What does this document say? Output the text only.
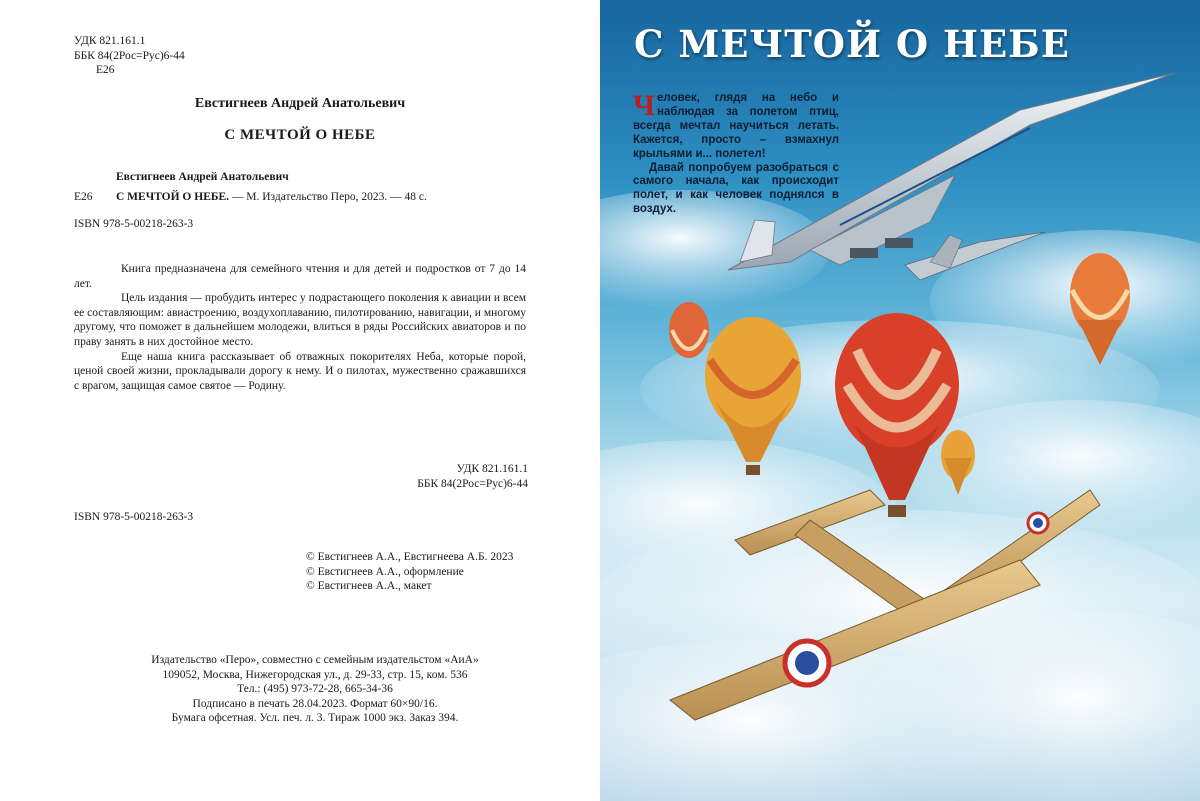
УДК 821.161.1
ББК 84(2Рос=Рус)6-44

Е26
Евстигнеев Андрей Анатольевич
С МЕЧТОЙ О НЕБЕ
Евстигнеев Андрей Анатольевич
Е26 С МЕЧТОЙ О НЕБЕ. — М. Издательство Перо, 2023. — 48 с.
ISBN 978-5-00218-263-3

Книга предназначена для семейного чтения и для детей и подростков от 7 до 14 лет.

Цель издания — пробудить интерес у подрастающего поколения к авиации и всем ее составляющим: авиастроению, воздухоплаванию, пилотированию, навигации, и многому другому, что поможет в дальнейшем молодежи, влиться в ряды Российских авиаторов и по праву занять в них достойное место.

Еще наша книга рассказывает об отважных покорителях Неба, которые порой, ценой своей жизни, прокладывали дорогу к нему. И о пилотах, мужественно сражавшихся с врагом, защищая самое святое — Родину.

УДК 821.161.1
ББК 84(2Рос=Рус)6-44
ISBN 978-5-00218-263-3
© Евстигнеев А.А., Евстигнеева А.Б. 2023
© Евстигнеев А.А., оформление
© Евстигнеев А.А., макет
Издательство «Перо», совместно с семейным издательстом «АиА»
109052, Москва, Нижегородская ул., д. 29-33, стр. 15, ком. 536
Тел.: (495) 973-72-28, 665-34-36
Подписано в печать 28.04.2023. Формат 60×90/16.
Бумага офсетная. Усл. печ. л. 3. Тираж 1000 экз. Заказ 394.
С МЕЧТОЙ О НЕБЕ

Человек, глядя на небо и наблюдая за полетом птиц, всегда мечтал научиться летать. Кажется, просто – взмахнул крыльями и... полетел!

Давай попробуем разобраться с самого начала, как происходит полет, и как человек поднялся в воздух.
